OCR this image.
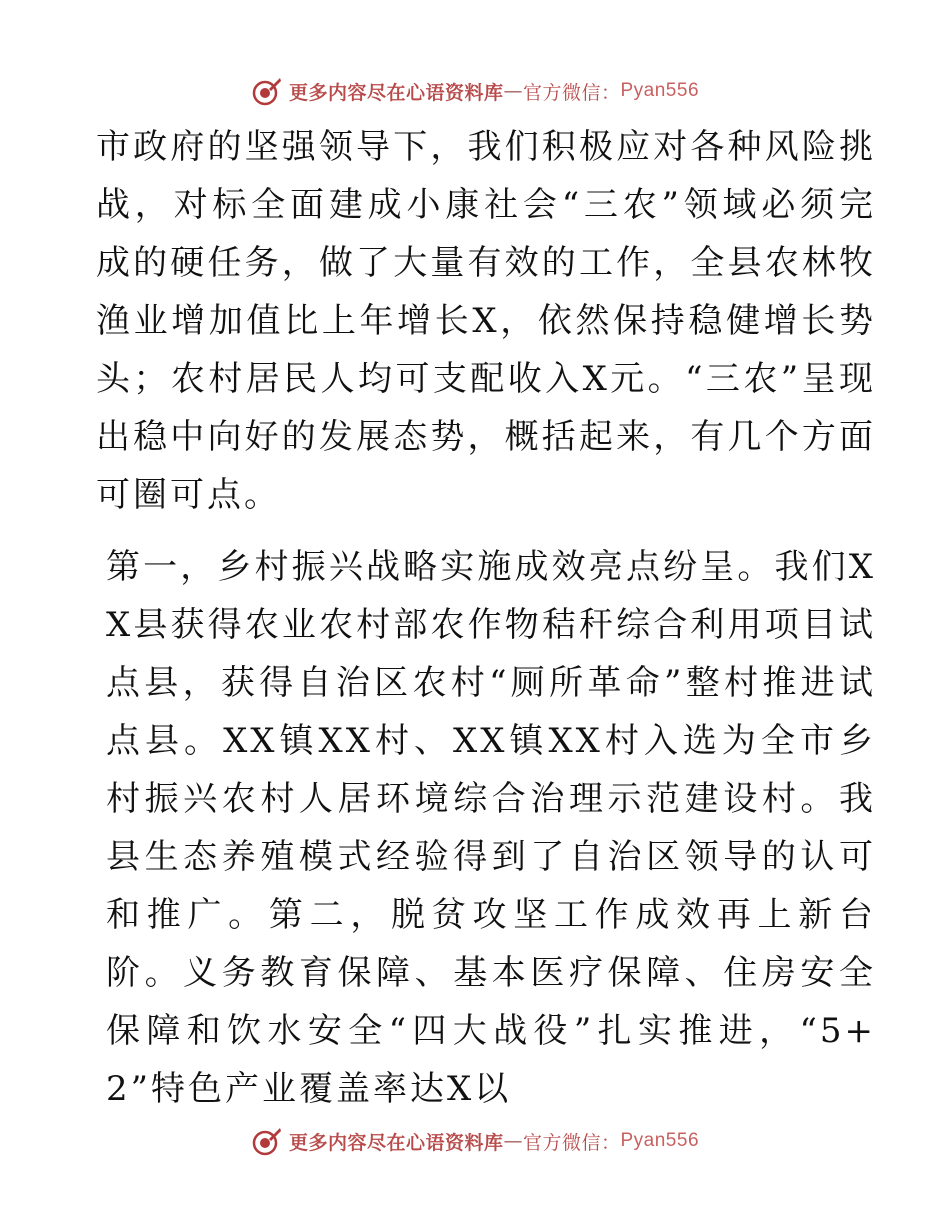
更多内容尽在心语资料库 — 官方微信： Pyan556

市政府的坚强领导下，我们积极应对各种风险挑战，对标全面建成小康社会“三农”领域必须完成的硬任务，做了大量有效的工作，全县农林牧渔业增加值比上年增长X，依然保持稳健增长势头；农村居民人均可支配收入X元。“三农”呈现出稳中向好的发展态势，概括起来，有几个方面可圈可点。

第一，乡村振兴战略实施成效亮点纷呈。我们XX县获得农业农村部农作物秸秆综合利用项目试点县，获得自治区农村“厕所革命”整村推进试点县。XX镇XX村、XX镇XX村入选为全市乡村振兴农村人居环境综合治理示范建设村。我县生态养殖模式经验得到了自治区领导的认可和推广。第二，脱贫攻坚工作成效再上新台阶。义务教育保障、基本医疗保障、住房安全保障和饮水安全“四大战役”扎实推进，“5+2”特色产业覆盖率达X以

更多内容尽在心语资料库 — 官方微信： Pyan556
